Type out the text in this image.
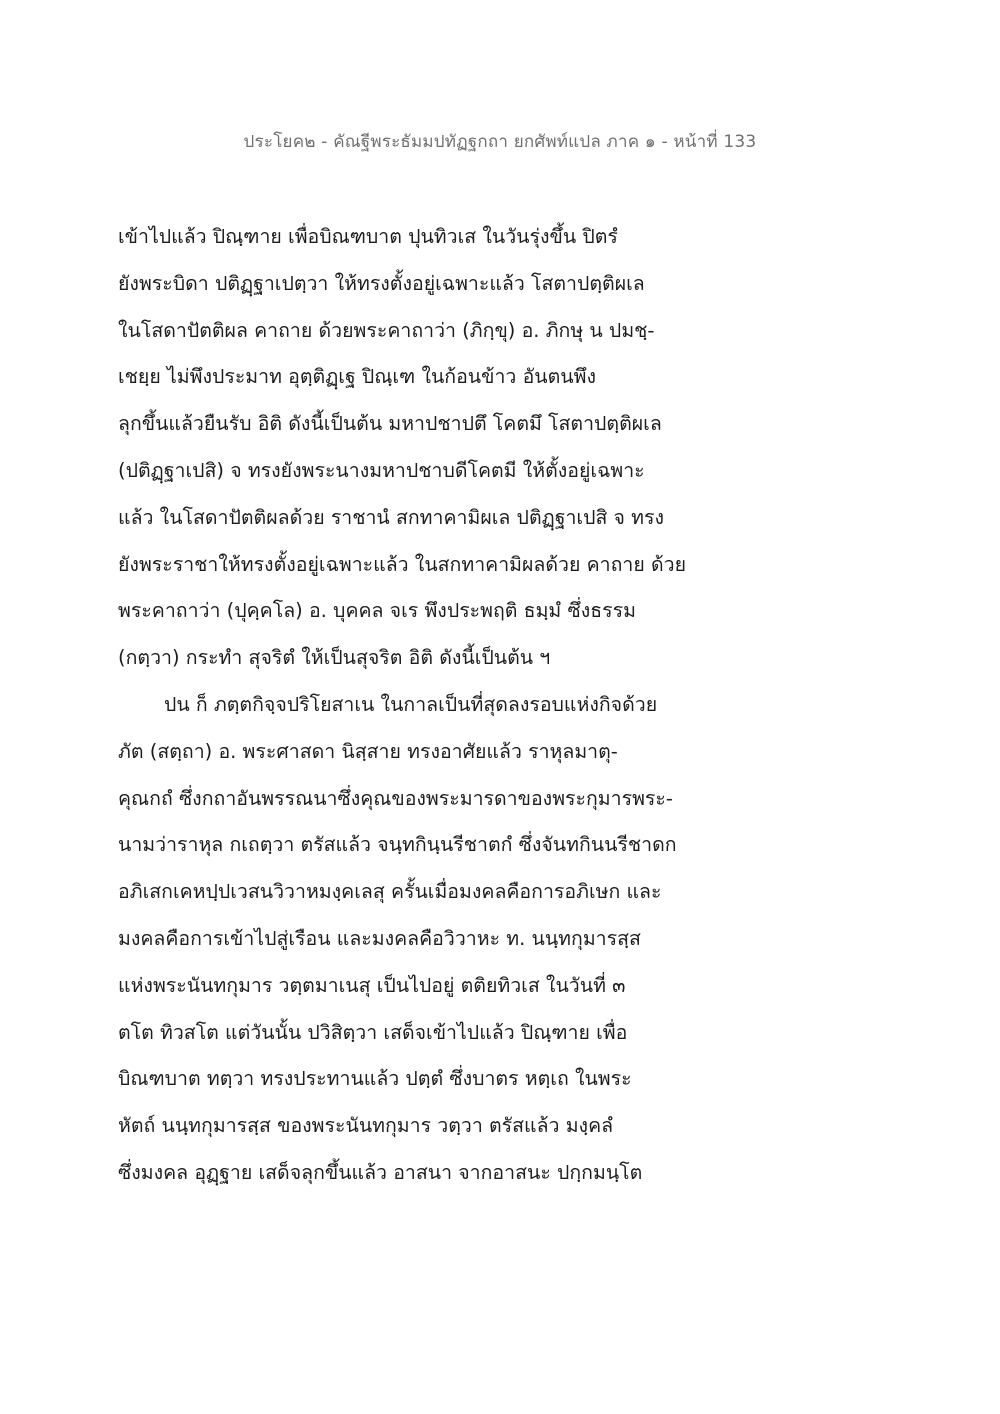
ประโยค๒ - คัณฐีพระธัมมปทัฏฐกถา ยกศัพท์แปล ภาค ๑ - หน้าที่ 133
เข้าไปแล้ว ปิณฺฑาย เพื่อบิณฑบาต ปุนทิวเส ในวันรุ่งขึ้น ปิตรํ
ยังพระบิดา ปติฏฺฐาเปตฺวา ให้ทรงตั้งอยู่เฉพาะแล้ว โสตาปตฺติผเล
ในโสดาปัตติผล คาถาย ด้วยพระคาถาว่า (ภิกฺขุ) อ. ภิกษุ น ปมชฺ-
เชยฺย ไม่พึงประมาท อุตฺติฏฺเฐ ปิณฺเฑ ในก้อนข้าว อันตนพึง
ลุกขึ้นแล้วยืนรับ อิติ ดังนี้เป็นต้น มหาปชาปตึ โคตมึ โสตาปตฺติผเล
(ปติฏฺฐาเปสิ) จ ทรงยังพระนางมหาปชาบดีโคตมี ให้ตั้งอยู่เฉพาะ
แล้ว ในโสดาปัตติผลด้วย ราชานํ สกทาคามิผเล ปติฏฺฐาเปสิ จ ทรง
ยังพระราชาให้ทรงตั้งอยู่เฉพาะแล้ว ในสกทาคามิผลด้วย คาถาย ด้วย
พระคาถาว่า (ปุคฺคโล) อ. บุคคล จเร พึงประพฤติ ธมฺมํ ซึ่งธรรม
(กตฺวา) กระทำ สุจริตํ ให้เป็นสุจริต อิติ ดังนี้เป็นต้น ฯ
ปน ก็ ภตฺตกิจฺจปริโยสาเน ในกาลเป็นที่สุดลงรอบแห่งกิจด้วย
ภัต (สตฺถา) อ. พระศาสดา นิสฺสาย ทรงอาศัยแล้ว ราหุลมาตุ-
คุณกถํ ซึ่งกถาอันพรรณนาซึ่งคุณของพระมารดาของพระกุมารพระ-
นามว่าราหุล กเถตฺวา ตรัสแล้ว จนฺทกินฺนรีชาตกํ ซึ่งจันทกินนรีชาดก
อภิเสกเคหปฺปเวสนวิวาหมงฺคเลสุ ครั้นเมื่อมงคลคือการอภิเษก และ
มงคลคือการเข้าไปสู่เรือน และมงคลคือวิวาหะ ท. นนฺทกุมารสฺส
แห่งพระนันทกุมาร วตฺตมาเนสุ เป็นไปอยู่ ตติยทิวเส ในวันที่ ๓
ตโต ทิวสโต แต่วันนั้น ปวิสิตฺวา เสด็จเข้าไปแล้ว ปิณฺฑาย เพื่อ
บิณฑบาต ทตฺวา ทรงประทานแล้ว ปตฺตํ ซึ่งบาตร หตฺเถ ในพระ
หัตถ์ นนฺทกุมารสฺส ของพระนันทกุมาร วตฺวา ตรัสแล้ว มงฺคลํ
ซึ่งมงคล อุฏฺฐาย เสด็จลุกขึ้นแล้ว อาสนา จากอาสนะ ปกฺกมนฺโต
